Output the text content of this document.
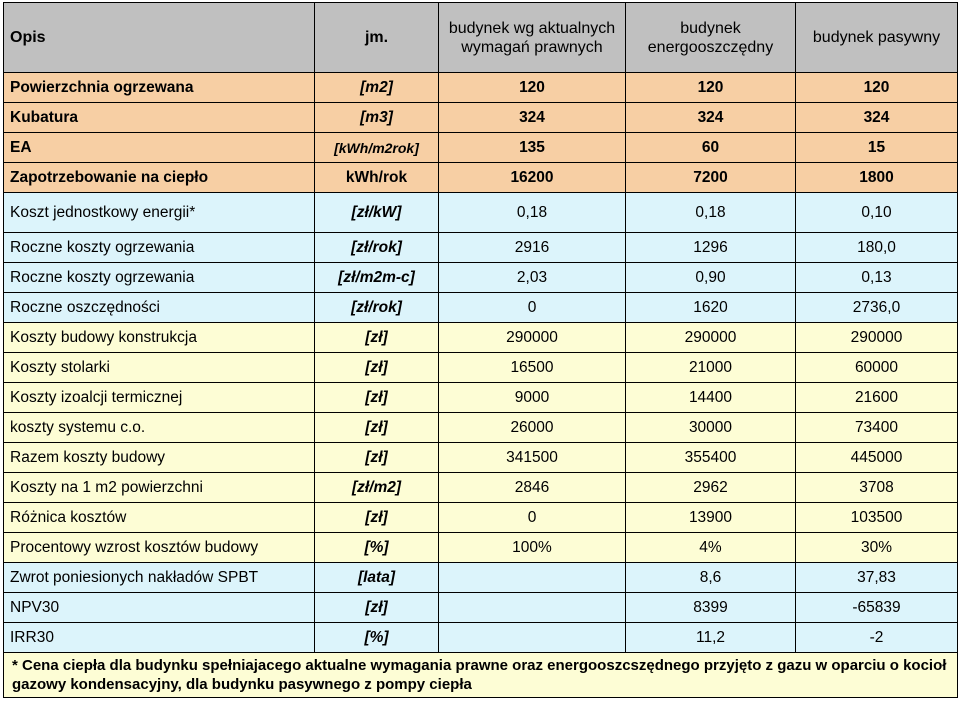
Opis	jm.	budynek wg aktualnych wymagań prawnych	budynek energooszczędny	budynek pasywny
Powierzchnia ogrzewana	[m2]	120	120	120
Kubatura	[m3]	324	324	324
EA	[kWh/m2rok]	135	60	15
Zapotrzebowanie na ciepło	kWh/rok	16200	7200	1800
Koszt jednostkowy energii*	[zł/kW]	0,18	0,18	0,10
Roczne koszty ogrzewania	[zł/rok]	2916	1296	180,0
Roczne koszty ogrzewania	[zł/m2m-c]	2,03	0,90	0,13
Roczne oszczędności	[zł/rok]	0	1620	2736,0
Koszty budowy konstrukcja	[zł]	290000	290000	290000
Koszty stolarki	[zł]	16500	21000	60000
Koszty izoalcji termicznej	[zł]	9000	14400	21600
koszty systemu c.o.	[zł]	26000	30000	73400
Razem koszty budowy	[zł]	341500	355400	445000
Koszty na 1 m2 powierzchni	[zł/m2]	2846	2962	3708
Różnica kosztów	[zł]	0	13900	103500
Procentowy wzrost kosztów budowy	[%]	100%	4%	30%
Zwrot poniesionych nakładów SPBT	[lata]		8,6	37,83
NPV30	[zł]		8399	-65839
IRR30	[%]		11,2	-2
* Cena ciepła dla budynku spełniajacego aktualne wymagania prawne oraz energooszcszędnego przyjęto z gazu w oparciu o kocioł gazowy kondensacyjny, dla budynku pasywnego z pompy ciepła				
